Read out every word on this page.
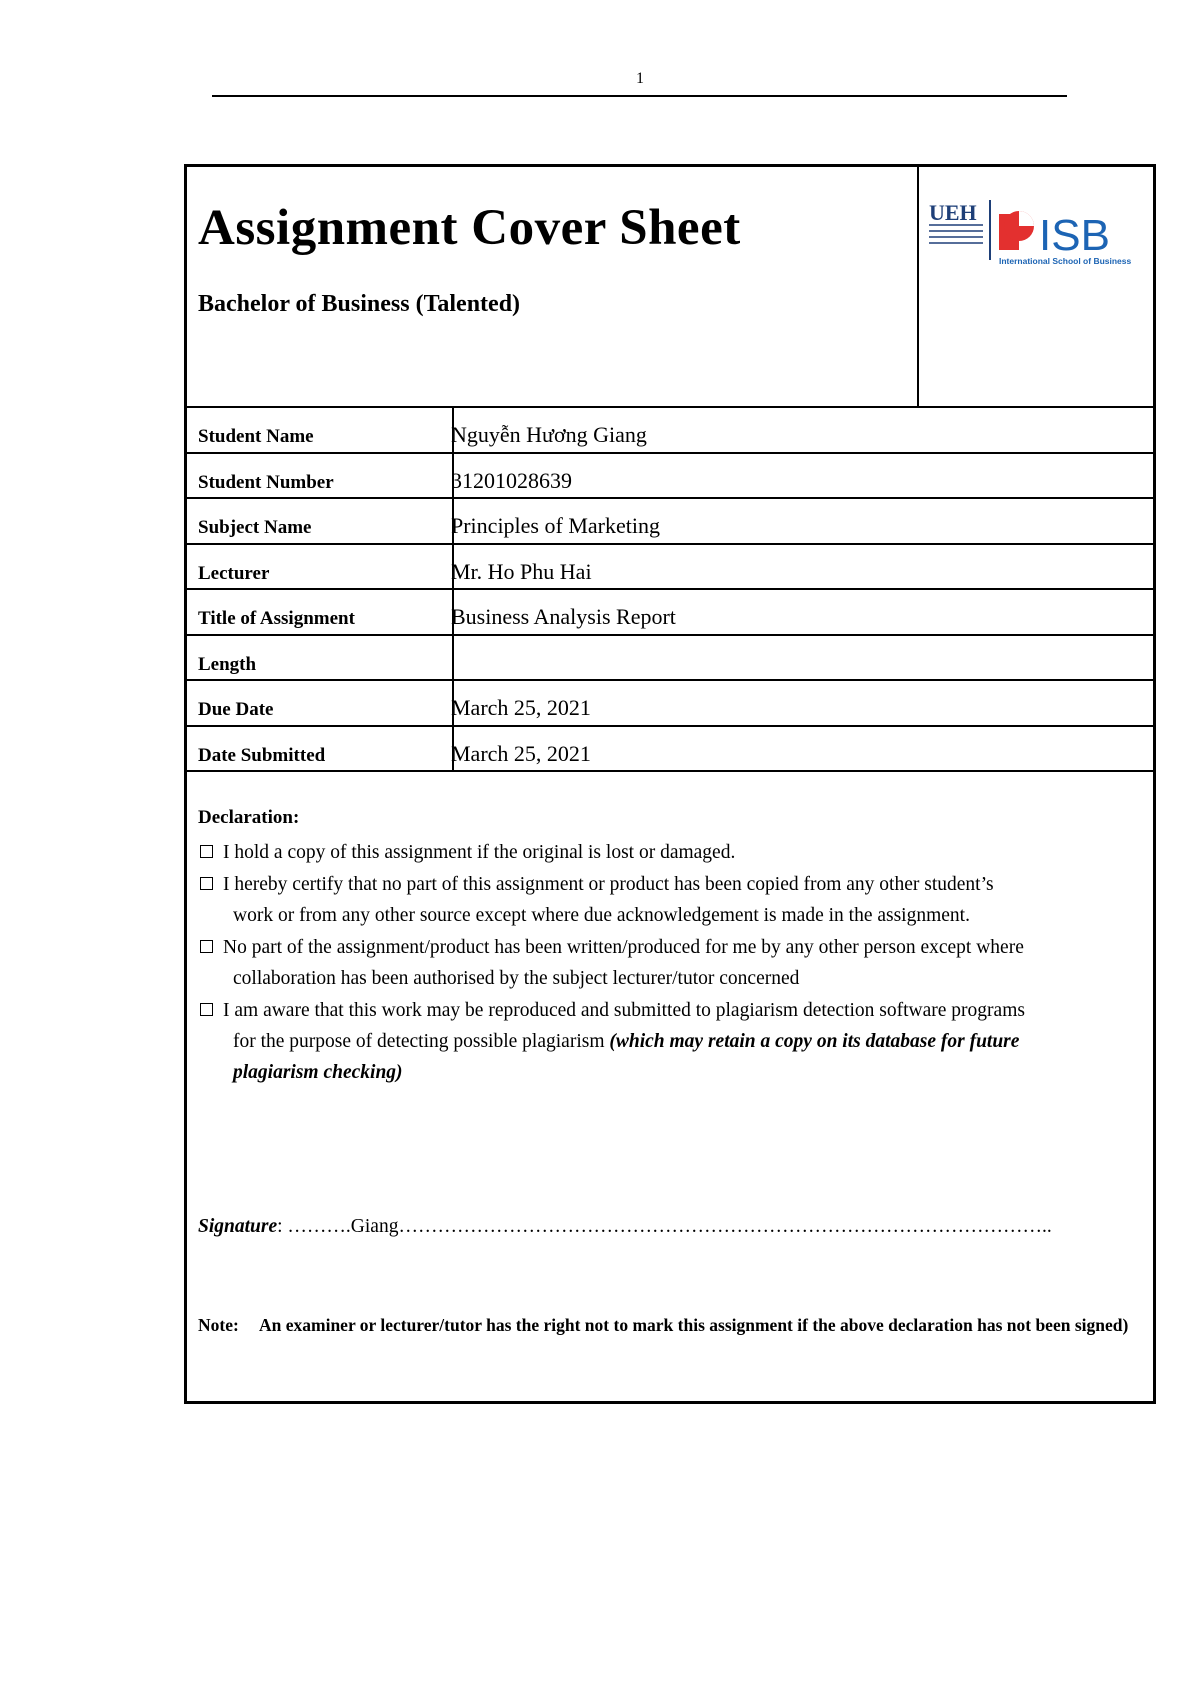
1
Assignment Cover Sheet
Bachelor of Business (Talented)
UEH ISB
International School of Business
Student Name	Nguyễn Hương Giang
Student Number	31201028639
Subject Name	Principles of Marketing
Lecturer	Mr. Ho Phu Hai
Title of Assignment	Business Analysis Report
Length
Due Date	March 25, 2021
Date Submitted	March 25, 2021
Declaration:
I hold a copy of this assignment if the original is lost or damaged.
I hereby certify that no part of this assignment or product has been copied from any other student’s
work or from any other source except where due acknowledgement is made in the assignment.
No part of the assignment/product has been written/produced for me by any other person except where
collaboration has been authorised by the subject lecturer/tutor concerned
I am aware that this work may be reproduced and submitted to plagiarism detection software programs
for the purpose of detecting possible plagiarism (which may retain a copy on its database for future
plagiarism checking)
Signature: ……….Giang………………………………………………………………………………………..
Note: An examiner or lecturer/tutor has the right not to mark this assignment if the above declaration has not been signed)
